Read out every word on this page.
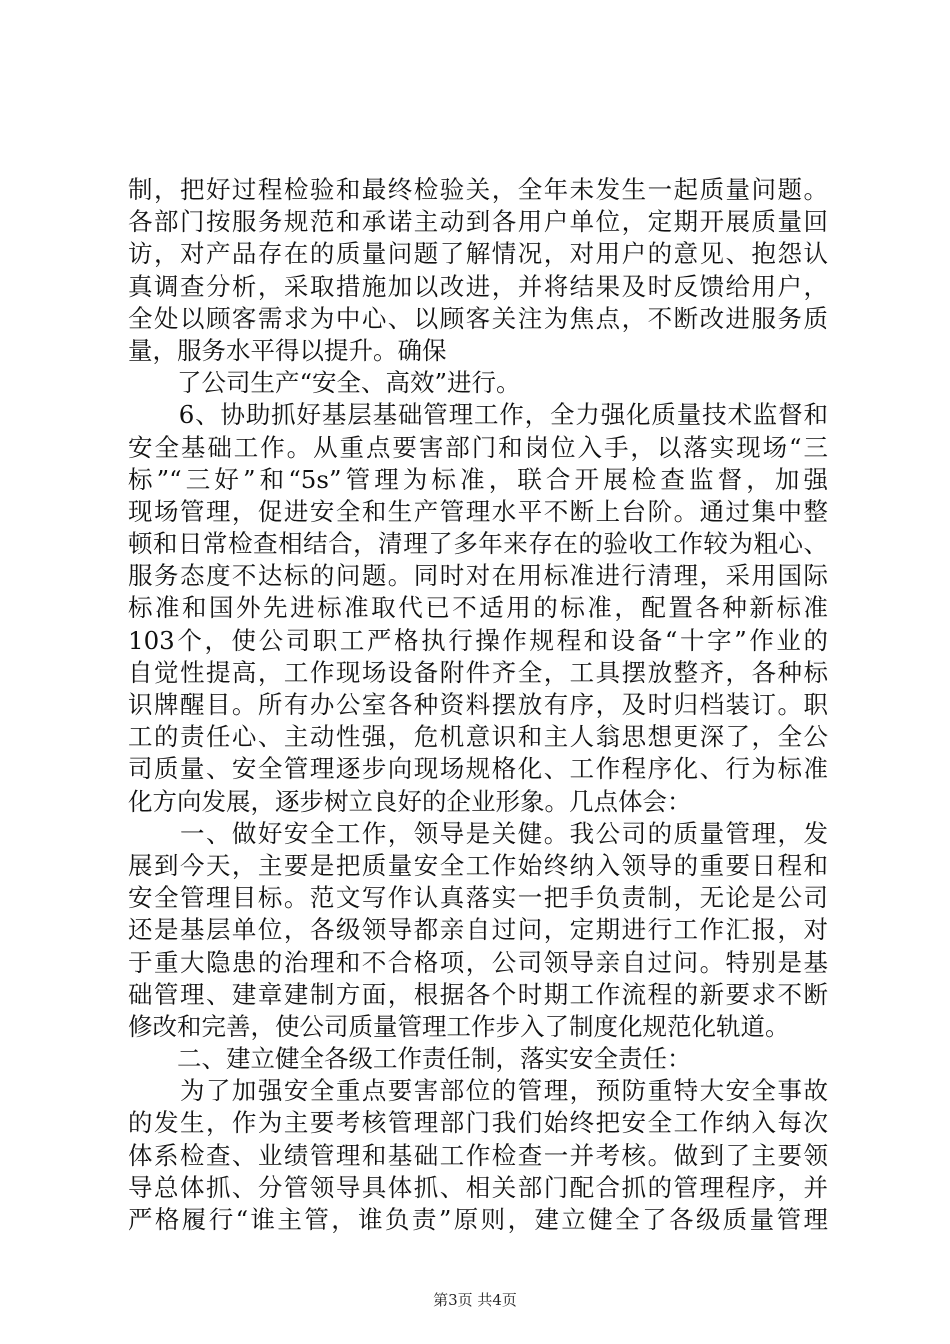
制，把好过程检验和最终检验关，全年未发生一起质量问题。
各部门按服务规范和承诺主动到各用户单位，定期开展质量回
访，对产品存在的质量问题了解情况，对用户的意见、抱怨认
真调查分析，采取措施加以改进，并将结果及时反馈给用户，
全处以顾客需求为中心、以顾客关注为焦点，不断改进服务质
量，服务水平得以提升。确保
　　了公司生产“安全、高效”进行。
　　6、协助抓好基层基础管理工作，全力强化质量技术监督和
安全基础工作。从重点要害部门和岗位入手，以落实现场“三
标”“三好”和“5s”管理为标准，联合开展检查监督，加强
现场管理，促进安全和生产管理水平不断上台阶。通过集中整
顿和日常检查相结合，清理了多年来存在的验收工作较为粗心、
服务态度不达标的问题。同时对在用标准进行清理，采用国际
标准和国外先进标准取代已不适用的标准，配置各种新标准
103个，使公司职工严格执行操作规程和设备“十字”作业的
自觉性提高，工作现场设备附件齐全，工具摆放整齐，各种标
识牌醒目。所有办公室各种资料摆放有序，及时归档装订。职
工的责任心、主动性强，危机意识和主人翁思想更深了，全公
司质量、安全管理逐步向现场规格化、工作程序化、行为标准
化方向发展，逐步树立良好的企业形象。几点体会：
　　一、做好安全工作，领导是关健。我公司的质量管理，发
展到今天，主要是把质量安全工作始终纳入领导的重要日程和
安全管理目标。范文写作认真落实一把手负责制，无论是公司
还是基层单位，各级领导都亲自过问，定期进行工作汇报，对
于重大隐患的治理和不合格项，公司领导亲自过问。特别是基
础管理、建章建制方面，根据各个时期工作流程的新要求不断
修改和完善，使公司质量管理工作步入了制度化规范化轨道。
　　二、建立健全各级工作责任制，落实安全责任：
　　为了加强安全重点要害部位的管理，预防重特大安全事故
的发生，作为主要考核管理部门我们始终把安全工作纳入每次
体系检查、业绩管理和基础工作检查一并考核。做到了主要领
导总体抓、分管领导具体抓、相关部门配合抓的管理程序，并
严格履行“谁主管，谁负责”原则，建立健全了各级质量管理
第3页 共4页
